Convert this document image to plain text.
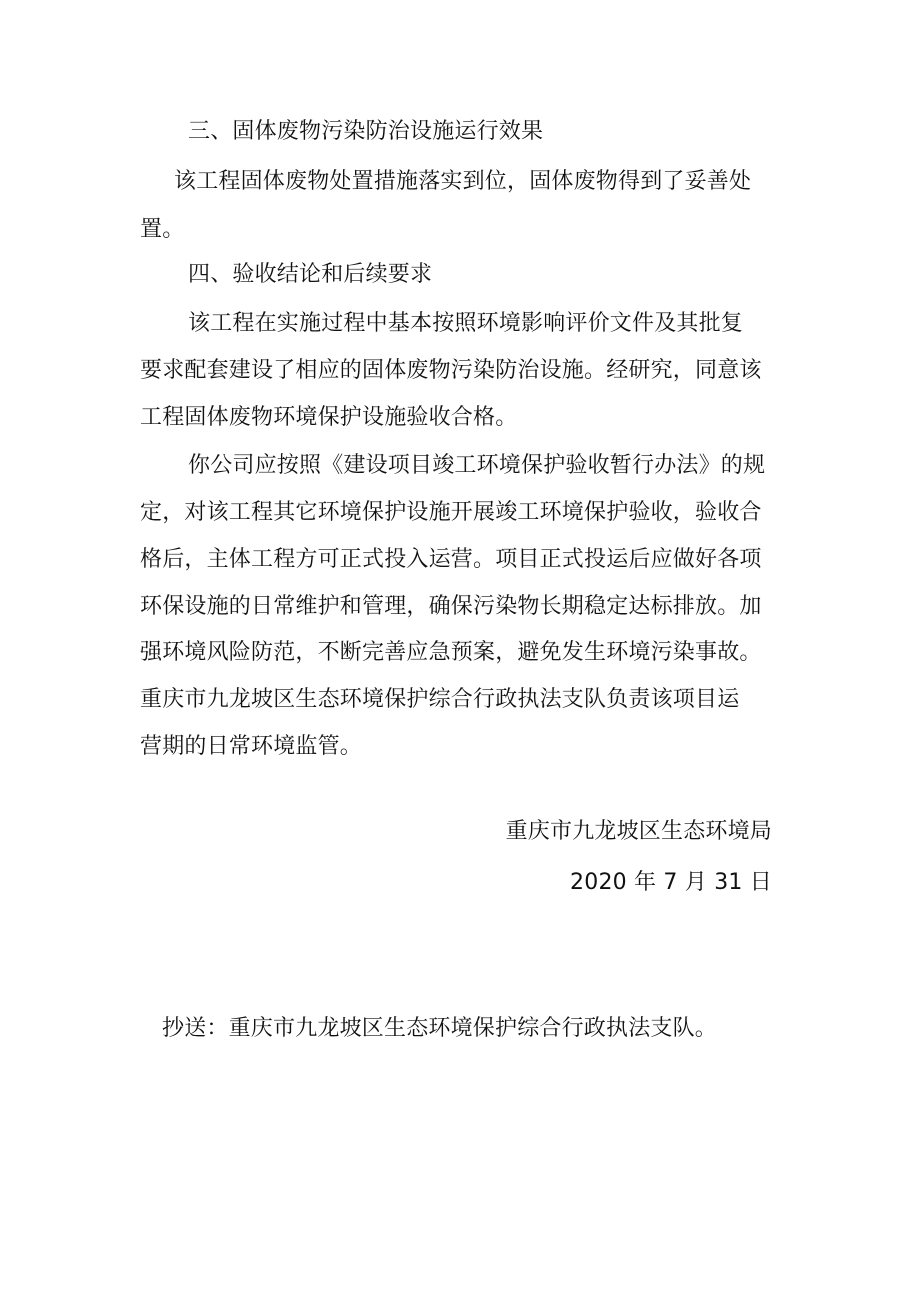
三、固体废物污染防治设施运行效果
该工程固体废物处置措施落实到位，固体废物得到了妥善处
置。
四、验收结论和后续要求
该工程在实施过程中基本按照环境影响评价文件及其批复
要求配套建设了相应的固体废物污染防治设施。经研究，同意该
工程固体废物环境保护设施验收合格。
你公司应按照《建设项目竣工环境保护验收暂行办法》的规
定，对该工程其它环境保护设施开展竣工环境保护验收，验收合
格后，主体工程方可正式投入运营。项目正式投运后应做好各项
环保设施的日常维护和管理，确保污染物长期稳定达标排放。加
强环境风险防范，不断完善应急预案，避免发生环境污染事故。
重庆市九龙坡区生态环境保护综合行政执法支队负责该项目运
营期的日常环境监管。
重庆市九龙坡区生态环境局
2020 年 7 月 31 日
抄送：重庆市九龙坡区生态环境保护综合行政执法支队。
